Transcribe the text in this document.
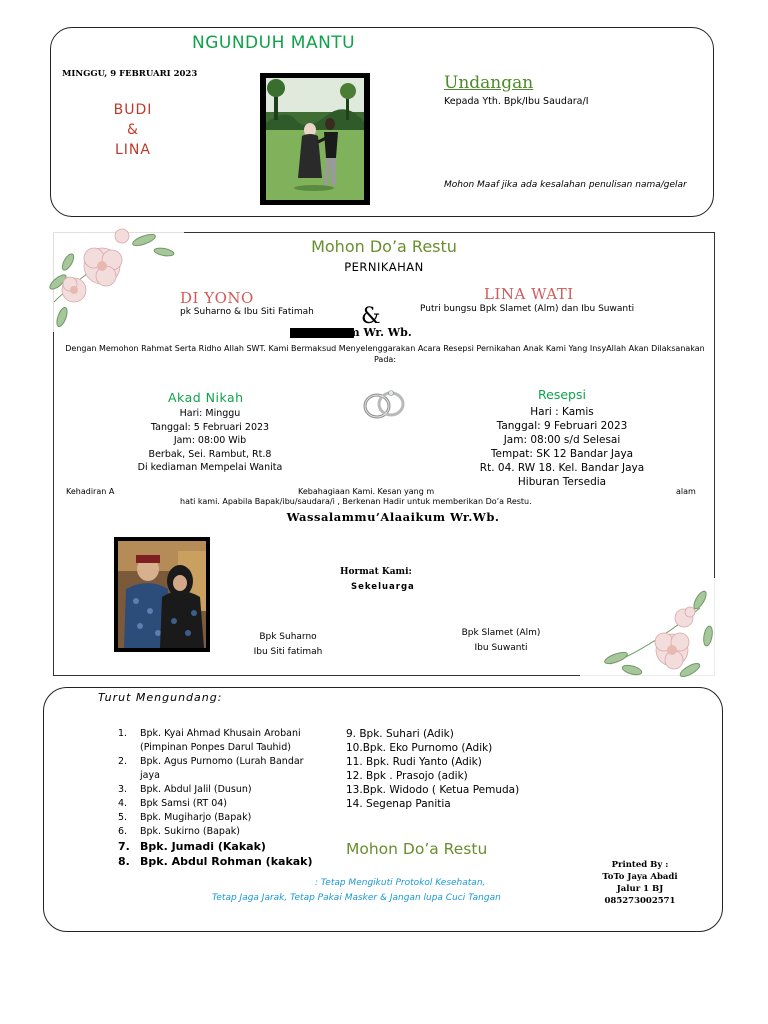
NGUNDUH MANTU
MINGGU, 9 FEBRUARI 2023
BUDI
&
LINA
Undangan
Kepada Yth. Bpk/Ibu Saudara/I
Mohon Maaf jika ada kesalahan penulisan nama/gelar
Mohon Do’a Restu
PERNIKAHAN
DI YONO	LINA WATI
pk Suharno & Ibu Siti Fatimah	Putri bungsu Bpk Slamet (Alm) dan Ibu Suwanti
&
m Wr. Wb.
Dengan Memohon Rahmat Serta Ridho Allah SWT. Kami Bermaksud Menyelenggarakan Acara Resepsi Pernikahan Anak Kami Yang InsyAllah Akan Dilaksanakan Pada:
Akad Nikah
Hari: Minggu
Tanggal: 5 Februari 2023
Jam: 08:00 Wib
Berbak, Sei. Rambut, Rt.8
Di kediaman Mempelai Wanita
Resepsi
Hari : Kamis
Tanggal: 9 Februari 2023
Jam: 08:00 s/d Selesai
Tempat: SK 12 Bandar Jaya
Rt. 04. RW 18. Kel. Bandar Jaya
Hiburan Tersedia
Kehadiran A	Kebahagiaan Kami. Kesan yang m	alam
hati kami. Apabila Bapak/ibu/saudara/i , Berkenan Hadir untuk memberikan Do’a Restu.
Wassalammu’Alaaikum Wr.Wb.
Hormat Kami:
Sekeluarga
Bpk Suharno
Ibu Siti fatimah
Bpk Slamet (Alm)
Ibu Suwanti
Turut Mengundang:
1. Bpk. Kyai Ahmad Khusain Arobani (Pimpinan Ponpes Darul Tauhid)
2. Bpk. Agus Purnomo (Lurah Bandar jaya
3. Bpk. Abdul Jalil (Dusun)
4. Bpk Samsi (RT 04)
5. Bpk. Mugiharjo (Bapak)
6. Bpk. Sukirno (Bapak)
7. Bpk. Jumadi (Kakak)
8. Bpk. Abdul Rohman (kakak)
9. Bpk. Suhari (Adik)
10.Bpk. Eko Purnomo (Adik)
11. Bpk. Rudi Yanto (Adik)
12. Bpk . Prasojo (adik)
13.Bpk. Widodo ( Ketua Pemuda)
14. Segenap Panitia
Mohon Do’a Restu
: Tetap Mengikuti Protokol Kesehatan,
Tetap Jaga Jarak, Tetap Pakai Masker & Jangan lupa Cuci Tangan
Printed By :
ToTo Jaya Abadi
Jalur 1 BJ
085273002571
